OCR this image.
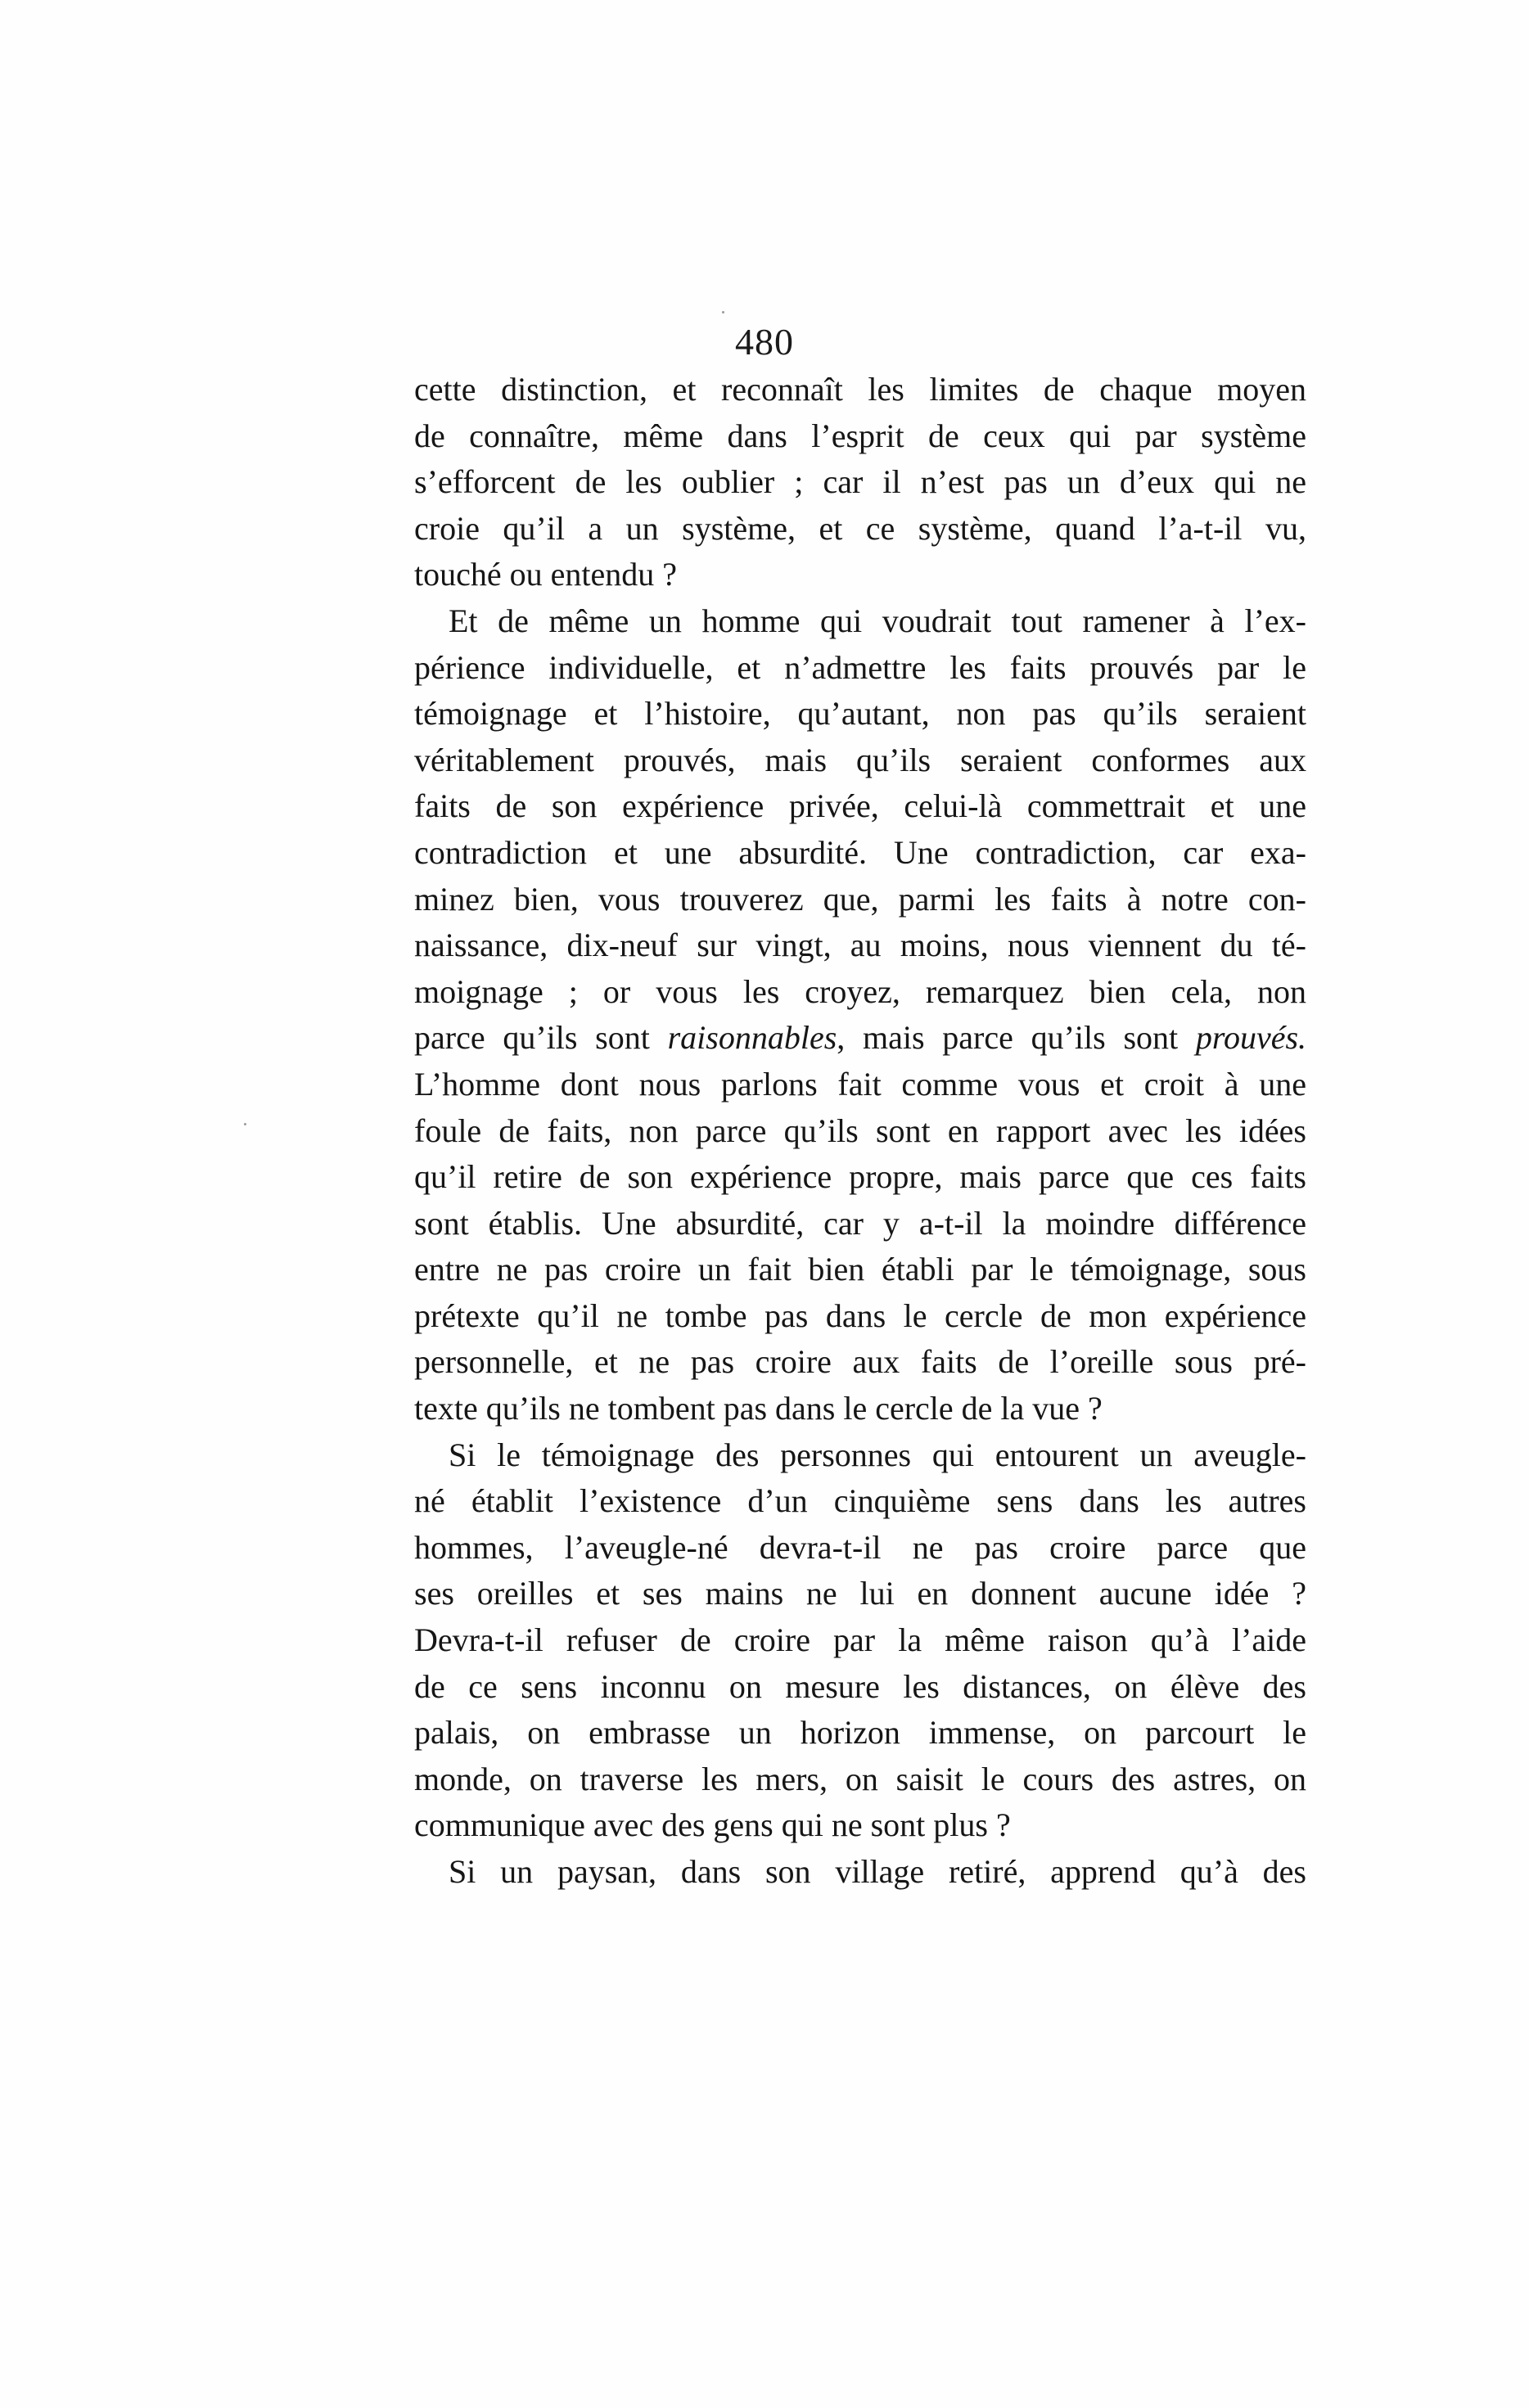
480
cette distinction, et reconnaît les limites de chaque moyen
de connaître, même dans l’esprit de ceux qui par système
s’efforcent de les oublier ; car il n’est pas un d’eux qui ne
croie qu’il a un système, et ce système, quand l’a-t-il vu,
touché ou entendu ?
Et de même un homme qui voudrait tout ramener à l’ex-
périence individuelle, et n’admettre les faits prouvés par le
témoignage et l’histoire, qu’autant, non pas qu’ils seraient
véritablement prouvés, mais qu’ils seraient conformes aux
faits de son expérience privée, celui-là commettrait et une
contradiction et une absurdité. Une contradiction, car exa-
minez bien, vous trouverez que, parmi les faits à notre con-
naissance, dix-neuf sur vingt, au moins, nous viennent du té-
moignage ; or vous les croyez, remarquez bien cela, non
parce qu’ils sont raisonnables, mais parce qu’ils sont prouvés.
L’homme dont nous parlons fait comme vous et croit à une
foule de faits, non parce qu’ils sont en rapport avec les idées
qu’il retire de son expérience propre, mais parce que ces faits
sont établis. Une absurdité, car y a-t-il la moindre différence
entre ne pas croire un fait bien établi par le témoignage, sous
prétexte qu’il ne tombe pas dans le cercle de mon expérience
personnelle, et ne pas croire aux faits de l’oreille sous pré-
texte qu’ils ne tombent pas dans le cercle de la vue ?
Si le témoignage des personnes qui entourent un aveugle-
né établit l’existence d’un cinquième sens dans les autres
hommes, l’aveugle-né devra-t-il ne pas croire parce que
ses oreilles et ses mains ne lui en donnent aucune idée ?
Devra-t-il refuser de croire par la même raison qu’à l’aide
de ce sens inconnu on mesure les distances, on élève des
palais, on embrasse un horizon immense, on parcourt le
monde, on traverse les mers, on saisit le cours des astres, on
communique avec des gens qui ne sont plus ?
Si un paysan, dans son village retiré, apprend qu’à des
